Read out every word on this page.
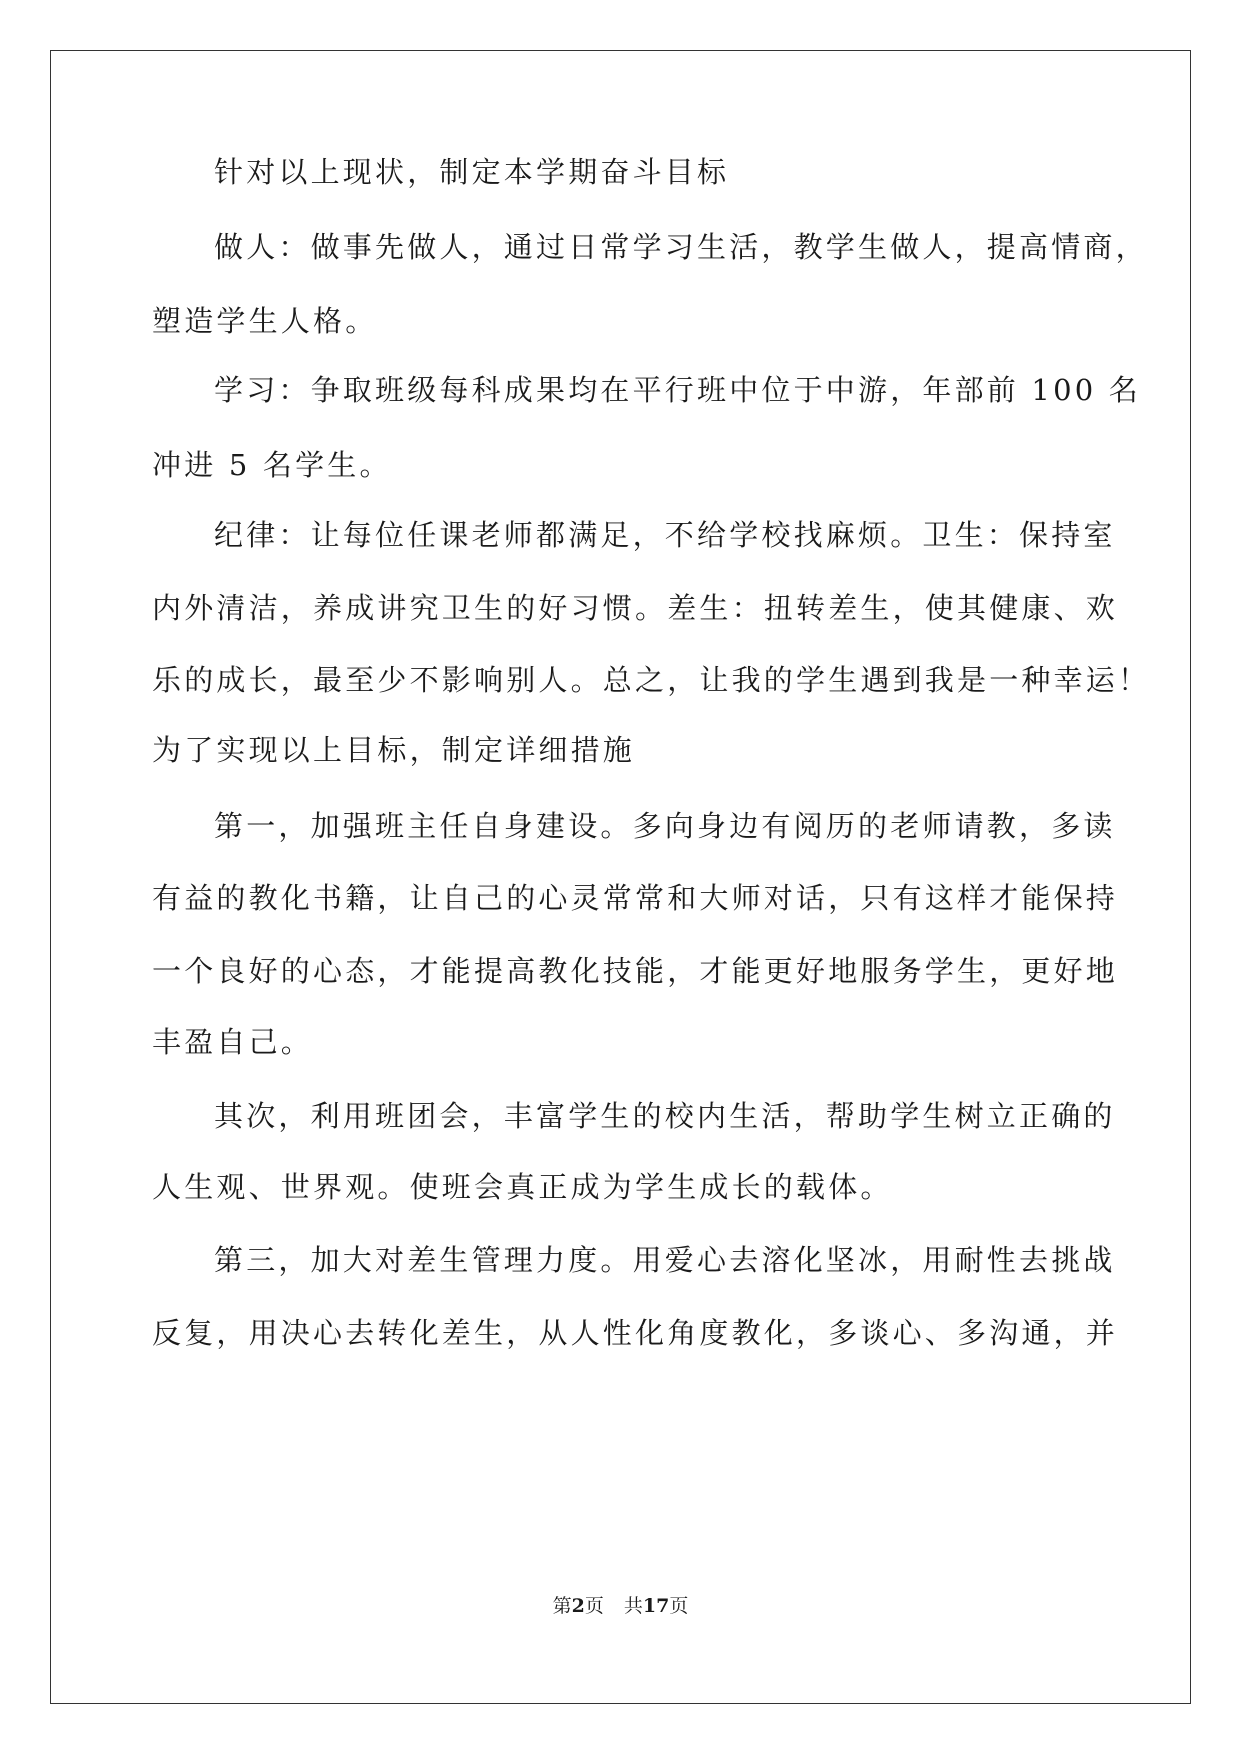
针对以上现状，制定本学期奋斗目标
做人：做事先做人，通过日常学习生活，教学生做人，提高情商，
塑造学生人格。
学习：争取班级每科成果均在平行班中位于中游，年部前 100 名
冲进 5 名学生。
纪律：让每位任课老师都满足，不给学校找麻烦。卫生：保持室
内外清洁，养成讲究卫生的好习惯。差生：扭转差生，使其健康、欢
乐的成长，最至少不影响别人。总之，让我的学生遇到我是一种幸运！
为了实现以上目标，制定详细措施
第一，加强班主任自身建设。多向身边有阅历的老师请教，多读
有益的教化书籍，让自己的心灵常常和大师对话，只有这样才能保持
一个良好的心态，才能提高教化技能，才能更好地服务学生，更好地
丰盈自己。
其次，利用班团会，丰富学生的校内生活，帮助学生树立正确的
人生观、世界观。使班会真正成为学生成长的载体。
第三，加大对差生管理力度。用爱心去溶化坚冰，用耐性去挑战
反复，用决心去转化差生，从人性化角度教化，多谈心、多沟通，并
第2页 共17页
